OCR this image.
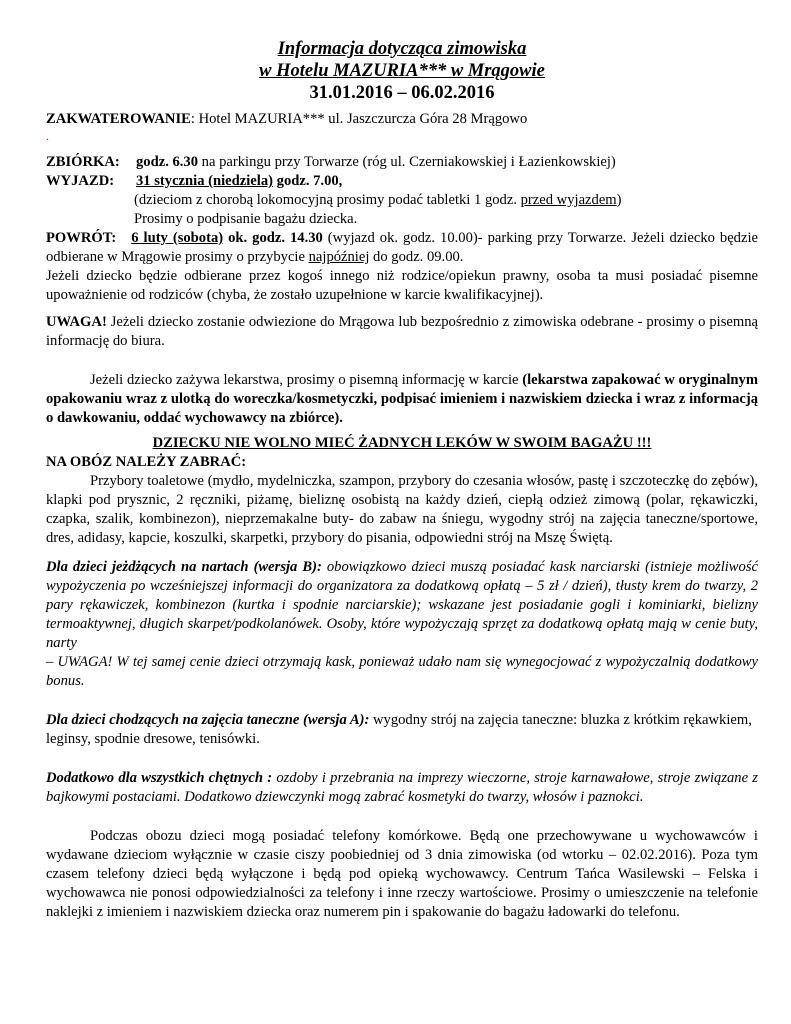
Informacja dotycząca zimowiska
w Hotelu MAZURIA*** w Mrągowie
31.01.2016 – 06.02.2016

ZAKWATEROWANIE: Hotel MAZURIA*** ul. Jaszczurcza Góra 28 Mrągowo

.
ZBIÓRKA:	godz. 6.30 na parkingu przy Torwarze (róg ul. Czerniakowskiej i Łazienkowskiej)
WYJAZD:	31 stycznia (niedziela) godz. 7.00,

(dzieciom z chorobą lokomocyjną prosimy podać tabletki 1 godz. przed wyjazdem)

Prosimy o podpisanie bagażu dziecka.

POWRÓT: 6 luty (sobota) ok. godz. 14.30 (wyjazd ok. godz. 10.00)- parking przy Torwarze. Jeżeli dziecko będzie odbierane w Mrągowie prosimy o przybycie najpóźniej do godz. 09.00.

Jeżeli dziecko będzie odbierane przez kogoś innego niż rodzice/opiekun prawny, osoba ta musi posiadać pisemne upoważnienie od rodziców (chyba, że zostało uzupełnione w karcie kwalifikacyjnej).

UWAGA! Jeżeli dziecko zostanie odwiezione do Mrągowa lub bezpośrednio z zimowiska odebrane - prosimy o pisemną informację do biura.

Jeżeli dziecko zażywa lekarstwa, prosimy o pisemną informację w karcie (lekarstwa zapakować w oryginalnym opakowaniu wraz z ulotką do woreczka/kosmetyczki, podpisać imieniem i nazwiskiem dziecka i wraz z informacją o dawkowaniu, oddać wychowawcy na zbiórce).

DZIECKU NIE WOLNO MIEĆ ŻADNYCH LEKÓW W SWOIM BAGAŻU !!!

NA OBÓZ NALEŻY ZABRAĆ:

Przybory toaletowe (mydło, mydelniczka, szampon, przybory do czesania włosów, pastę i szczoteczkę do zębów), klapki pod prysznic, 2 ręczniki, piżamę, bieliznę osobistą na każdy dzień, ciepłą odzież zimową (polar, rękawiczki, czapka, szalik, kombinezon), nieprzemakalne buty- do zabaw na śniegu, wygodny strój na zajęcia taneczne/sportowe, dres, adidasy, kapcie, koszulki, skarpetki, przybory do pisania, odpowiedni strój na Mszę Świętą.

Dla dzieci jeżdżących na nartach (wersja B): obowiązkowo dzieci muszą posiadać kask narciarski (istnieje możliwość wypożyczenia po wcześniejszej informacji do organizatora za dodatkową opłatą – 5 zł / dzień), tłusty krem do twarzy, 2 pary rękawiczek, kombinezon (kurtka i spodnie narciarskie); wskazane jest posiadanie gogli i kominiarki, bielizny termoaktywnej, długich skarpet/podkolanówek. Osoby, które wypożyczają sprzęt za dodatkową opłatą mają w cenie buty, narty

– UWAGA! W tej samej cenie dzieci otrzymają kask, ponieważ udało nam się wynegocjować z wypożyczalnią dodatkowy bonus.

Dla dzieci chodzących na zajęcia taneczne (wersja A): wygodny strój na zajęcia taneczne: bluzka z krótkim rękawkiem, leginsy, spodnie dresowe, tenisówki.

Dodatkowo dla wszystkich chętnych : ozdoby i przebrania na imprezy wieczorne, stroje karnawałowe, stroje związane z bajkowymi postaciami. Dodatkowo dziewczynki mogą zabrać kosmetyki do twarzy, włosów i paznokci.

Podczas obozu dzieci mogą posiadać telefony komórkowe. Będą one przechowywane u wychowawców i wydawane dzieciom wyłącznie w czasie ciszy poobiedniej od 3 dnia zimowiska (od wtorku – 02.02.2016). Poza tym czasem telefony dzieci będą wyłączone i będą pod opieką wychowawcy. Centrum Tańca Wasilewski – Felska i wychowawca nie ponosi odpowiedzialności za telefony i inne rzeczy wartościowe. Prosimy o umieszczenie na telefonie naklejki z imieniem i nazwiskiem dziecka oraz numerem pin i spakowanie do bagażu ładowarki do telefonu.
